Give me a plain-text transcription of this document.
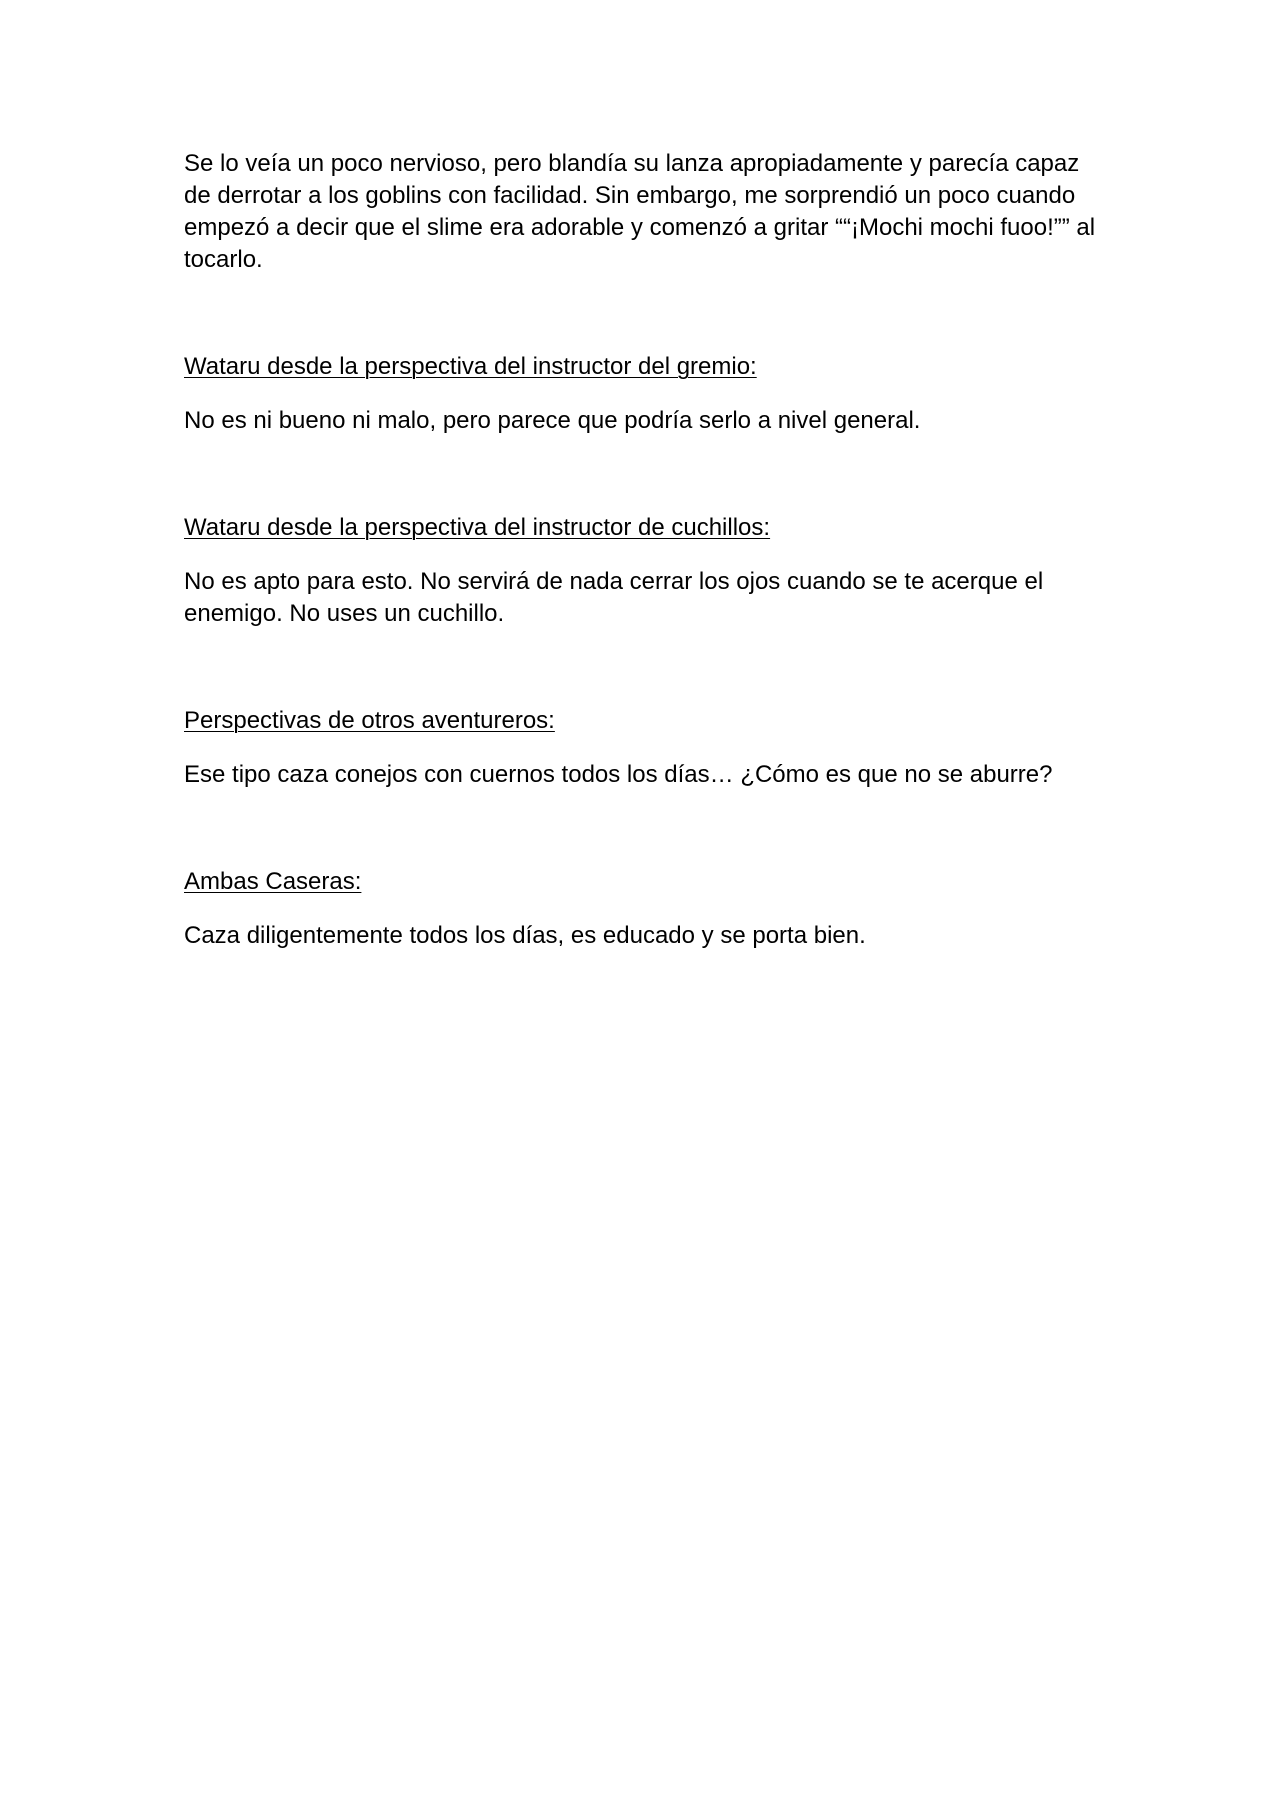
Se lo veía un poco nervioso, pero blandía su lanza apropiadamente y parecía capaz de derrotar a los goblins con facilidad. Sin embargo, me sorprendió un poco cuando empezó a decir que el slime era adorable y comenzó a gritar ““¡Mochi mochi fuoo!”” al tocarlo.

Wataru desde la perspectiva del instructor del gremio:

No es ni bueno ni malo, pero parece que podría serlo a nivel general.

Wataru desde la perspectiva del instructor de cuchillos:

No es apto para esto. No servirá de nada cerrar los ojos cuando se te acerque el enemigo. No uses un cuchillo.

Perspectivas de otros aventureros:

Ese tipo caza conejos con cuernos todos los días… ¿Cómo es que no se aburre?

Ambas Caseras:

Caza diligentemente todos los días, es educado y se porta bien.
